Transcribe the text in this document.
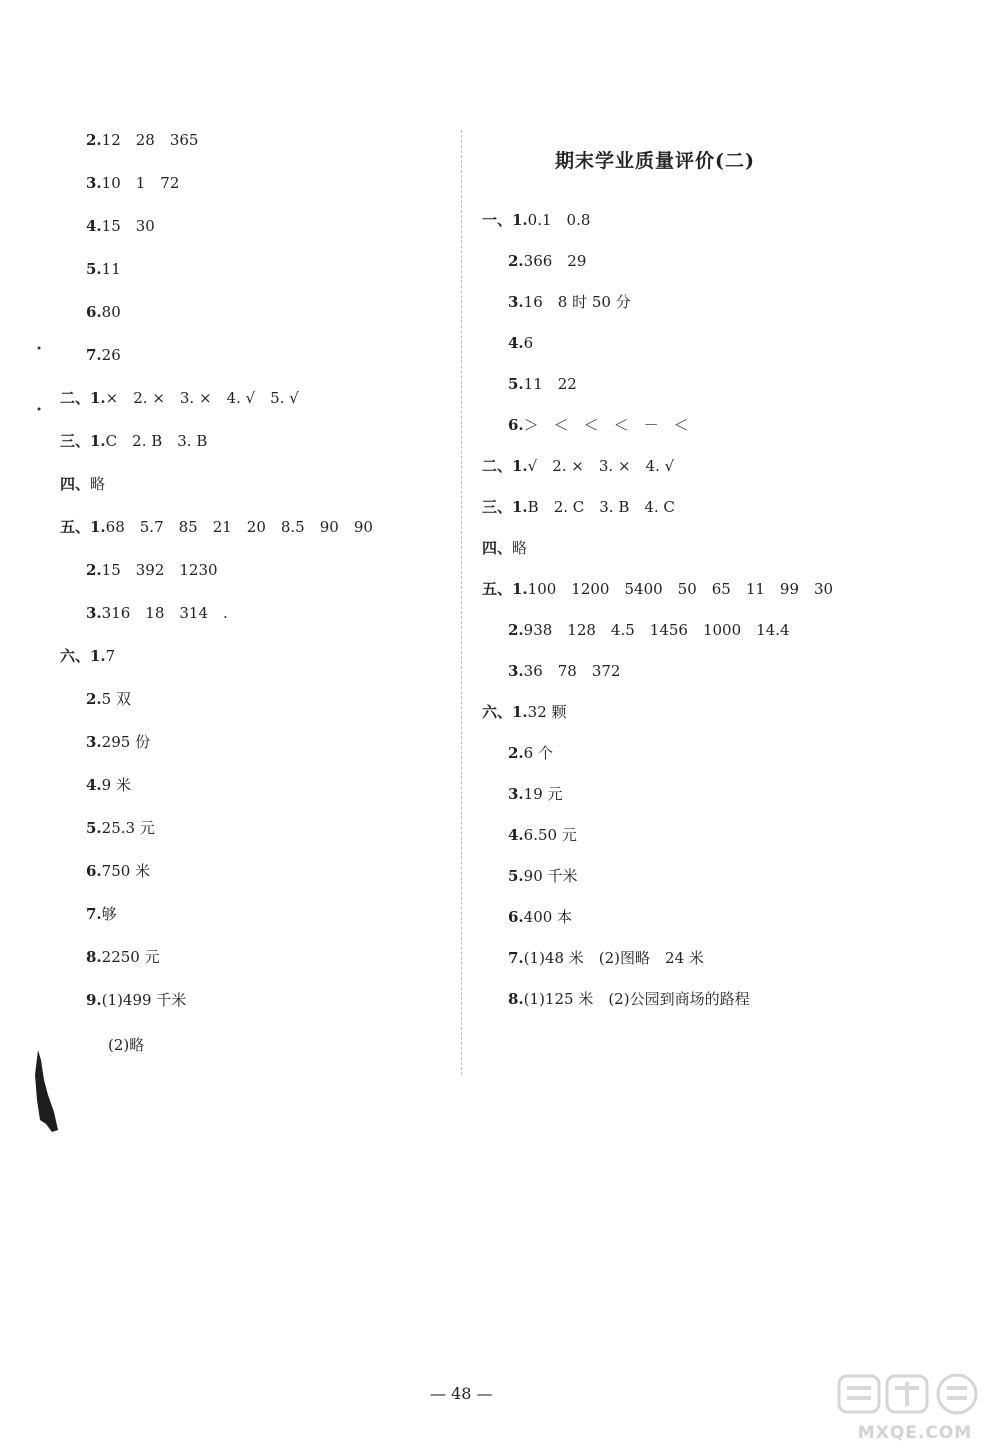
2.12　28　365
3.10　1　72
4.15　30
5.11
6.80
7.26
二、1.×　2. ×　3. ×　4. √　5. √
三、1.C　2. B　3. B
四、略
五、1.68　5.7　85　21　20　8.5　90　90
2.15　392　1230
3.316　18　314　.
六、1.7
2.5 双
3.295 份
4.9 米
5.25.3 元
6.750 米
7.够
8.2250 元
9.(1)499 千米
(2)略
期末学业质量评价(二)
一、1.0.1　0.8
2.366　29
3.16　8 时 50 分
4.6
5.11　22
6.＞　＜　＜　＜　－　＜
二、1.√　2. ×　3. ×　4. √
三、1.B　2. C　3. B　4. C
四、略
五、1.100　1200　5400　50　65　11　99　30
2.938　128　4.5　1456　1000　14.4
3.36　78　372
六、1.32 颗
2.6 个
3.19 元
4.6.50 元
5.90 千米
6.400 本
7.(1)48 米　(2)图略　24 米
8.(1)125 米　(2)公园到商场的路程
— 48 —
MXQE.COM
